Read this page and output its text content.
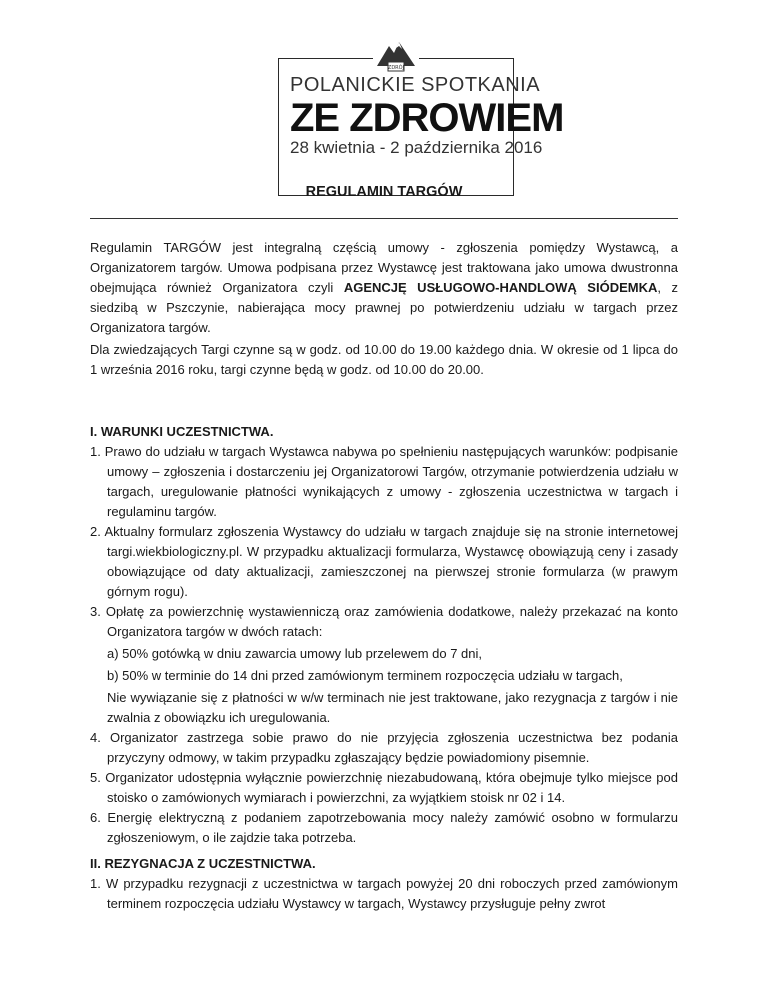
ZDRÓJ
POLANICKIE SPOTKANIA
ZE ZDROWIEM
28 kwietnia - 2 października 2016
REGULAMIN TARGÓW
Regulamin TARGÓW jest integralną częścią umowy - zgłoszenia pomiędzy Wystawcą, a Organizatorem targów. Umowa podpisana przez Wystawcę jest traktowana jako umowa dwustronna obejmująca również Organizatora czyli AGENCJĘ USŁUGOWO-HANDLOWĄ SIÓDEMKA, z siedzibą w Pszczynie, nabierająca mocy prawnej po potwierdzeniu udziału w targach przez Organizatora targów.
Dla zwiedzających Targi czynne są w godz. od 10.00 do 19.00 każdego dnia. W okresie od 1 lipca do 1 września 2016 roku, targi czynne będą w godz. od 10.00 do 20.00.
I. WARUNKI UCZESTNICTWA.

1. Prawo do udziału w targach Wystawca nabywa po spełnieniu następujących warunków: podpisanie umowy – zgłoszenia i dostarczeniu jej Organizatorowi Targów, otrzymanie potwierdzenia udziału w targach, uregulowanie płatności wynikających z umowy - zgłoszenia uczestnictwa w targach i regulaminu targów.

2. Aktualny formularz zgłoszenia Wystawcy do udziału w targach znajduje się na stronie internetowej targi.wiekbiologiczny.pl. W przypadku aktualizacji formularza, Wystawcę obowiązują ceny i zasady obowiązujące od daty aktualizacji, zamieszczonej na pierwszej stronie formularza (w prawym górnym rogu).

3. Opłatę za powierzchnię wystawienniczą oraz zamówienia dodatkowe, należy przekazać na konto Organizatora targów w dwóch ratach:

a) 50% gotówką w dniu zawarcia umowy lub przelewem do 7 dni,

b) 50% w terminie do 14 dni przed zamówionym terminem rozpoczęcia udziału w targach,

Nie wywiązanie się z płatności w w/w terminach nie jest traktowane, jako rezygnacja z targów i nie zwalnia z obowiązku ich uregulowania.

4. Organizator zastrzega sobie prawo do nie przyjęcia zgłoszenia uczestnictwa bez podania przyczyny odmowy, w takim przypadku zgłaszający będzie powiadomiony pisemnie.

5. Organizator udostępnia wyłącznie powierzchnię niezabudowaną, która obejmuje tylko miejsce pod stoisko o zamówionych wymiarach i powierzchni, za wyjątkiem stoisk nr 02 i 14.

6. Energię elektryczną z podaniem zapotrzebowania mocy należy zamówić osobno w formularzu zgłoszeniowym, o ile zajdzie taka potrzeba.

II. REZYGNACJA Z UCZESTNICTWA.

1. W przypadku rezygnacji z uczestnictwa w targach powyżej 20 dni roboczych przed zamówionym terminem rozpoczęcia udziału Wystawcy w targach, Wystawcy przysługuje pełny zwrot
